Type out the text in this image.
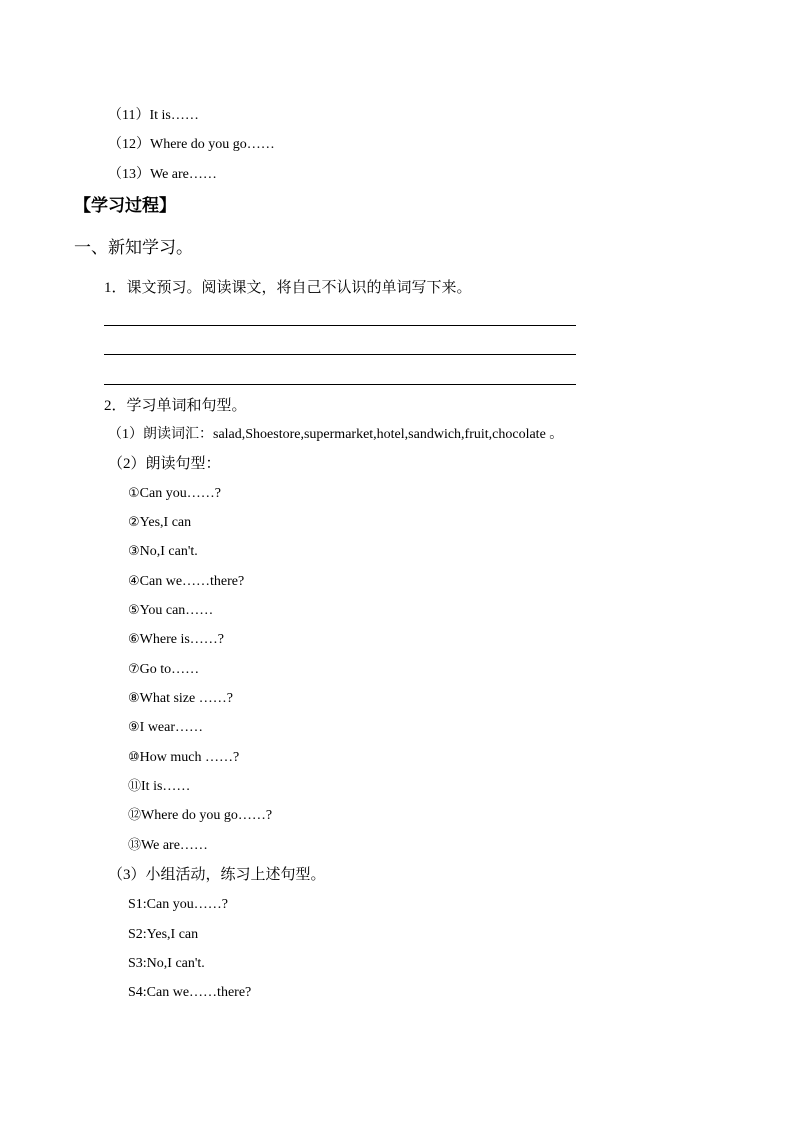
（11）It is……
（12）Where do you go……
（13）We are……
【学习过程】
一、新知学习。
1．课文预习。阅读课文，将自己不认识的单词写下来。
2．学习单词和句型。
（1）朗读词汇：salad,Shoestore,supermarket,hotel,sandwich,fruit,chocolate 。
（2）朗读句型：
①Can you……?
②Yes,I can
③No,I can't.
④Can we……there?
⑤You can……
⑥Where is……?
⑦Go to……
⑧What size ……?
⑨I wear……
⑩How much ……?
⑪It is……
⑫Where do you go……?
⑬We are……
（3）小组活动，练习上述句型。
S1:Can you……?
S2:Yes,I can
S3:No,I can't.
S4:Can we……there?
